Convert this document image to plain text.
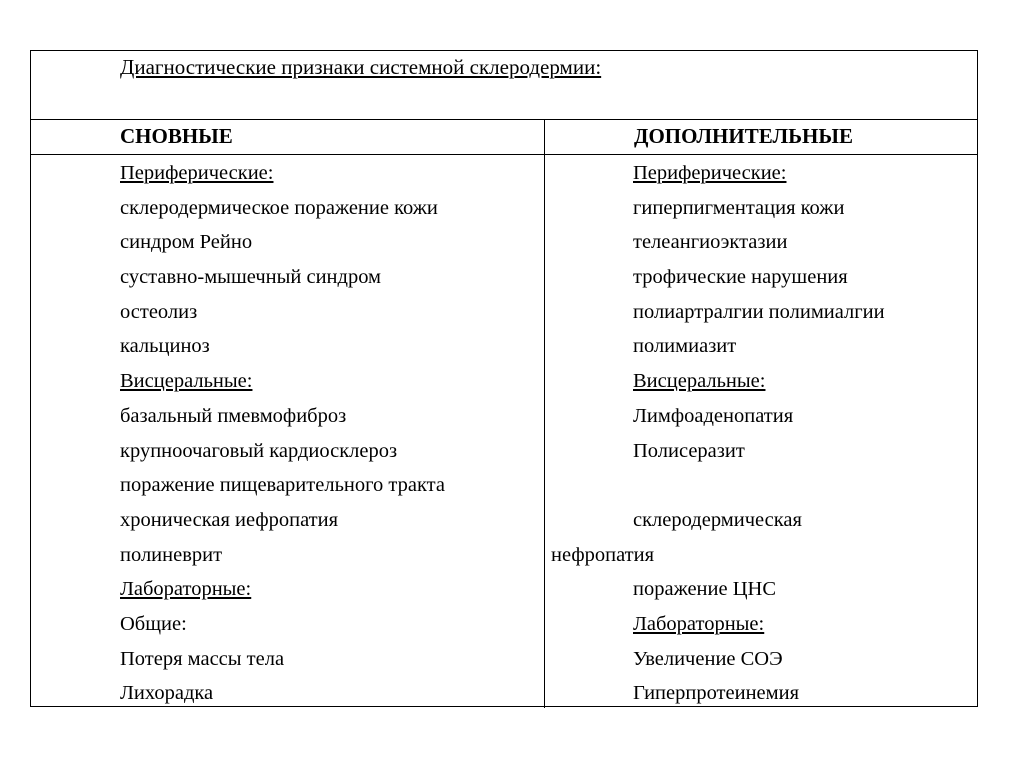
Диагностические признаки системной склеродермии:
СНОВНЫЕ	ДОПОЛНИТЕЛЬНЫЕ
Периферические:
склеродермическое поражение кожи
синдром Рейно
суставно-мышечный синдром
остеолиз
кальциноз
Висцеральные:
базальный пмевмофиброз
крупноочаговый кардиосклероз
поражение пищеварительного тракта
хроническая иефропатия
полиневрит
Лабораторные:
Общие:
Потеря массы тела
Лихорадка
Периферические:
гиперпигментация кожи
телеангиоэктазии
трофические нарушения
полиартралгии полимиалгии
полимиазит
Висцеральные:
Лимфоаденопатия
Полисеразит
склеродермическая
нефропатия
поражение ЦНС
Лабораторные:
Увеличение СОЭ
Гиперпротеинемия
